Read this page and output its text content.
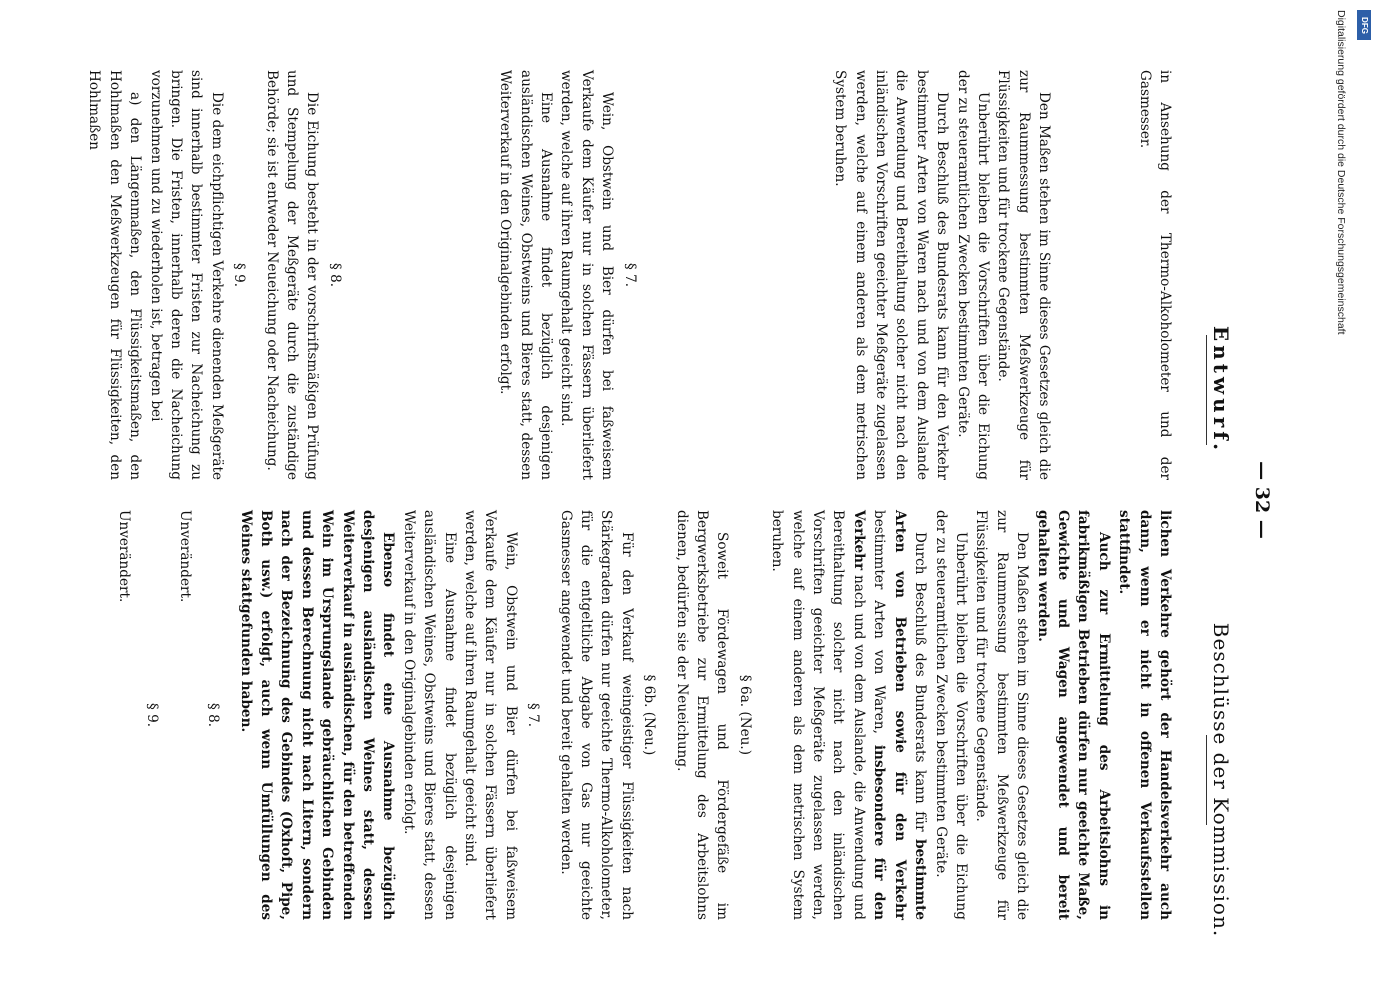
— 32 —
Entwurf.
Beschlüsse der Kommission.

in Ansehung der Thermo-Alkoholometer und der Gasmesser.

Den Maßen stehen im Sinne dieses Gesetzes gleich die zur Raummessung bestimmten Meßwerkzeuge für Flüssigkeiten und für trockene Gegenstände.

Unberührt bleiben die Vorschriften über die Eichung der zu steueramtlichen Zwecken bestimmten Geräte.

Durch Beschluß des Bundesrats kann für den Verkehr bestimmter Arten von Waren nach und von dem Auslande die Anwendung und Bereithaltung solcher nicht nach den inländischen Vorschriften geeichter Meßgeräte zugelassen werden, welche auf einem anderen als dem metrischen System beruhen.

§ 7.

Wein, Obstwein und Bier dürfen bei faßweisem Verkaufe dem Käufer nur in solchen Fässern überliefert werden, welche auf ihren Raumgehalt geeicht sind.

Eine Ausnahme findet bezüglich desjenigen ausländischen Weines, Obstweins und Bieres statt, dessen Weiterverkauf in den Originalgebinden erfolgt.

§ 8.

Die Eichung besteht in der vorschriftsmäßigen Prüfung und Stempelung der Meßgeräte durch die zuständige Behörde; sie ist entweder Neueichung oder Nacheichung.

§ 9.

Die dem eichpflichtigen Verkehre dienenden Meßgeräte sind innerhalb bestimmter Fristen zur Nacheichung zu bringen. Die Fristen, innerhalb deren die Nacheichung vorzunehmen und zu wiederholen ist, betragen bei

a) den Längenmaßen, den Flüssigkeitsmaßen, den Hohlmaßen den Meßwerkzeugen für Flüssigkeiten, den Hohlmaßen

lichen Verkehre gehört der Handelsverkehr auch dann, wenn er nicht in offenen Verkaufsstellen stattfindet.

Auch zur Ermittelung des Arbeitslohns in fabrikmäßigen Betrieben dürfen nur geeichte Maße, Gewichte und Wagen angewendet und bereit gehalten werden.

Den Maßen stehen im Sinne dieses Gesetzes gleich die zur Raummessung bestimmten Meßwerkzeuge für Flüssigkeiten und für trockene Gegenstände.

Unberührt bleiben die Vorschriften über die Eichung der zu steueramtlichen Zwecken bestimmten Geräte.

Durch Beschluß des Bundesrats kann für bestimmte Arten von Betrieben sowie für den Verkehr bestimmter Arten von Waren, insbesondere für den Verkehr nach und von dem Auslande, die Anwendung und Bereithaltung solcher nicht nach den inländischen Vorschriften geeichter Meßgeräte zugelassen werden, welche auf einem anderen als dem metrischen System beruhen.

§ 6a. (Neu.)

Soweit Fördewagen und Fördergefäße im Bergwerksbetriebe zur Ermittelung des Arbeitslohns dienen, bedürfen sie der Neueichung.

§ 6b. (Neu.)

Für den Verkauf weingeistiger Flüssigkeiten nach Stärkegraden dürfen nur geeichte Thermo-Alkoholometer, für die entgeltliche Abgabe von Gas nur geeichte Gasmesser angewendet und bereit gehalten werden.

§ 7.

Wein, Obstwein und Bier dürfen bei faßweisem Verkaufe dem Käufer nur in solchen Fässern überliefert werden, welche auf ihren Raumgehalt geeicht sind.

Eine Ausnahme findet bezüglich desjenigen ausländischen Weines, Obstweins und Bieres statt, dessen Weiterverkauf in den Originalgebinden erfolgt.

Ebenso findet eine Ausnahme bezüglich desjenigen ausländischen Weines statt, dessen Weiterverkauf in ausländischen, für den betreffenden Wein im Ursprungslande gebräuchlichen Gebinden und dessen Berechnung nicht nach Litern, sondern nach der Bezeichnung des Gebindes (Oxhoft, Pipe, Both usw.) erfolgt, auch wenn Umfüllungen des Weines stattgefunden haben.

§ 8.

Unverändert.

§ 9.

Unverändert.

Digitalisierung gefördert durch die Deutsche Forschungsgemeinschaft DFG
